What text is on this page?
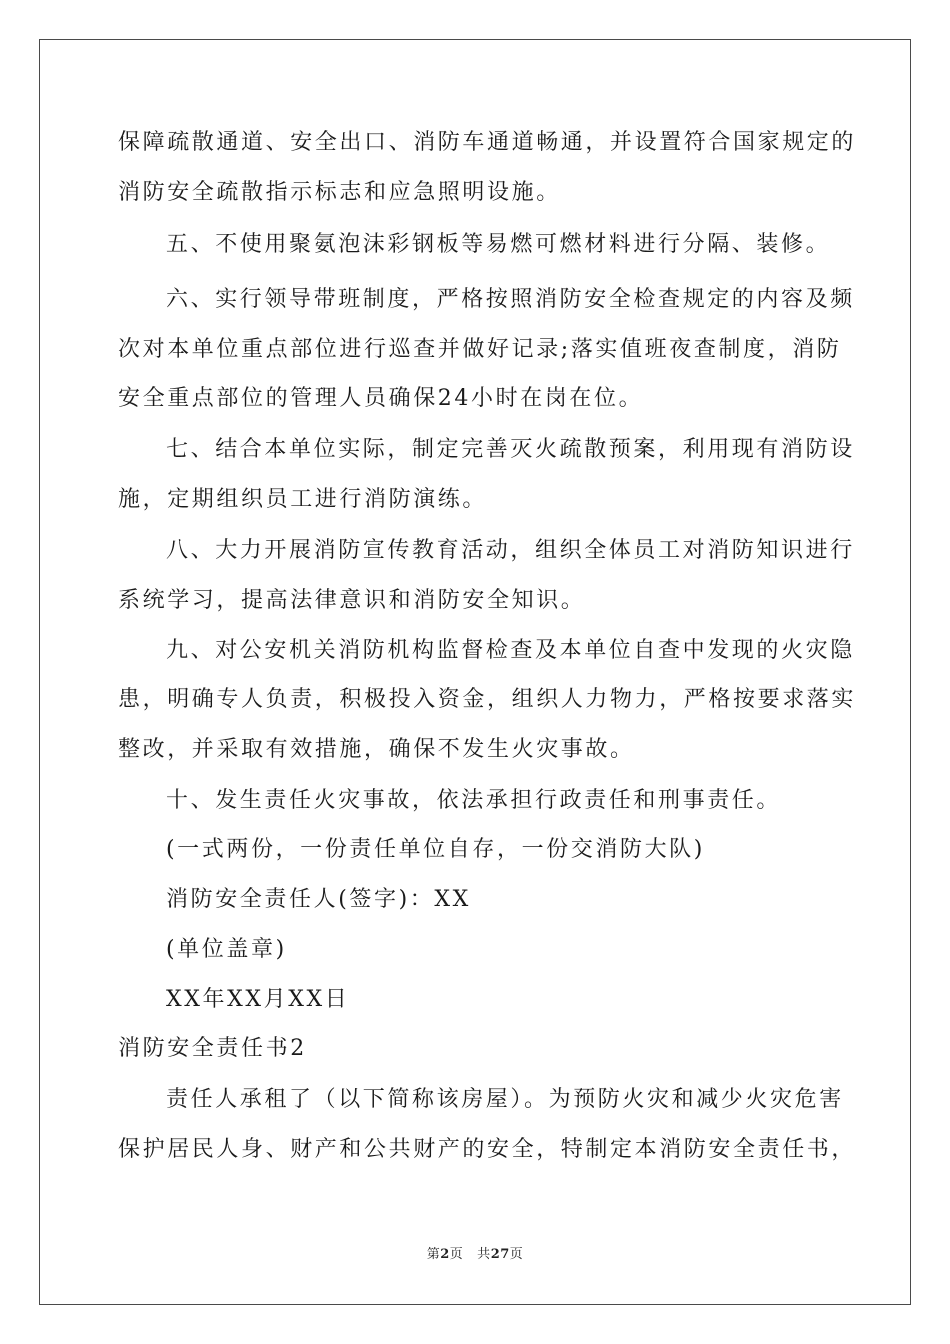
保障疏散通道、安全出口、消防车通道畅通，并设置符合国家规定的
消防安全疏散指示标志和应急照明设施。
五、不使用聚氨泡沫彩钢板等易燃可燃材料进行分隔、装修。
六、实行领导带班制度，严格按照消防安全检查规定的内容及频
次对本单位重点部位进行巡查并做好记录;落实值班夜查制度，消防
安全重点部位的管理人员确保24小时在岗在位。
七、结合本单位实际，制定完善灭火疏散预案，利用现有消防设
施，定期组织员工进行消防演练。
八、大力开展消防宣传教育活动，组织全体员工对消防知识进行
系统学习，提高法律意识和消防安全知识。
九、对公安机关消防机构监督检查及本单位自查中发现的火灾隐
患，明确专人负责，积极投入资金，组织人力物力，严格按要求落实
整改，并采取有效措施，确保不发生火灾事故。
十、发生责任火灾事故，依法承担行政责任和刑事责任。
(一式两份，一份责任单位自存，一份交消防大队)
消防安全责任人(签字)：XX
(单位盖章)
XX年XX月XX日
消防安全责任书2
责任人承租了（以下简称该房屋）。为预防火灾和减少火灾危害
保护居民人身、财产和公共财产的安全，特制定本消防安全责任书，
第2页 共27页
